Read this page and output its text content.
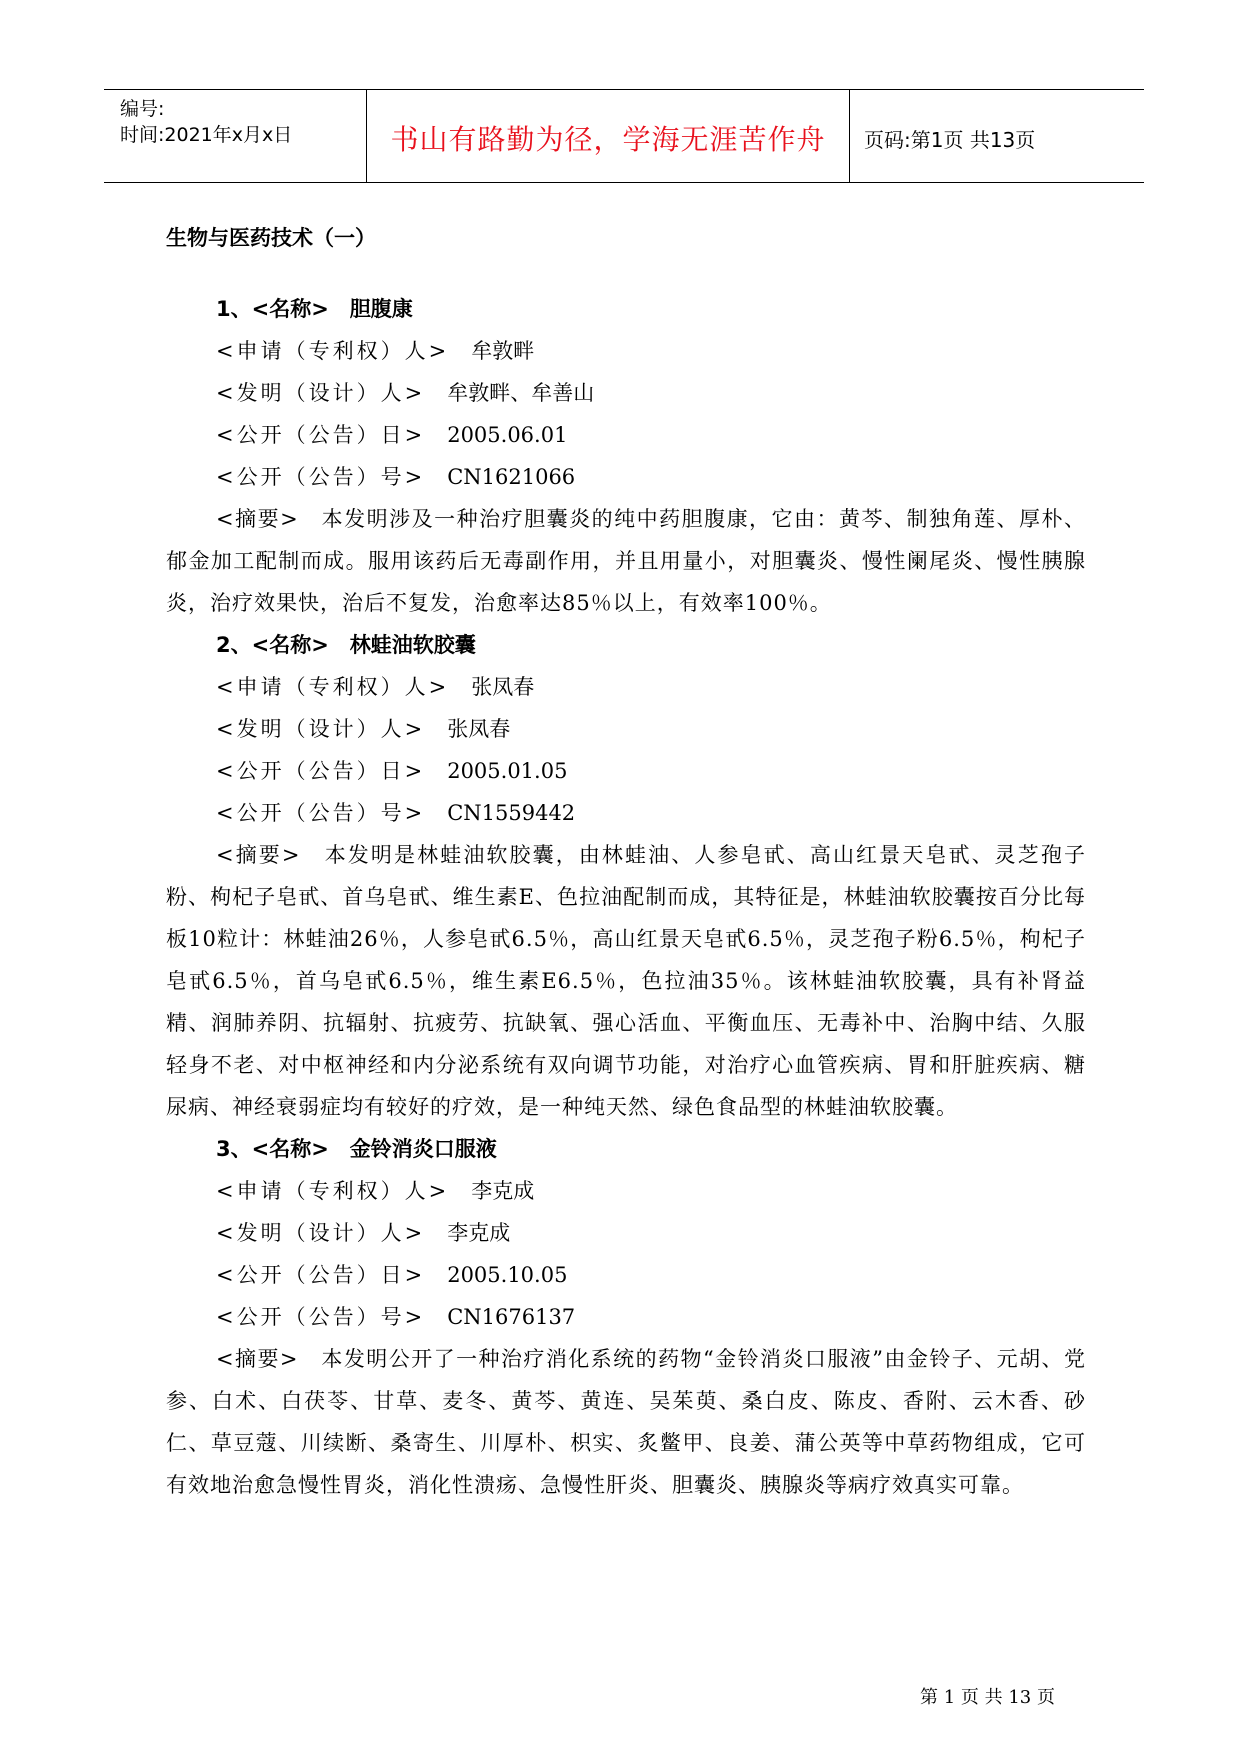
编号:
时间:2021年x月x日	书山有路勤为径，学海无涯苦作舟	页码:第1页 共13页
生物与医药技术（一）
1、<名称>　胆腹康
<申请（专利权）人> 牟敦畔
<发明（设计）人> 牟敦畔、牟善山
<公开（公告）日> 2005.06.01
<公开（公告）号> CN1621066

<摘要>　本发明涉及一种治疗胆囊炎的纯中药胆腹康，它由：黄芩、制独角莲、厚朴、郁金加工配制而成。服用该药后无毒副作用，并且用量小，对胆囊炎、慢性阑尾炎、慢性胰腺炎，治疗效果快，治后不复发，治愈率达85％以上，有效率100％。

2、<名称>　林蛙油软胶囊
<申请（专利权）人> 张凤春
<发明（设计）人> 张凤春
<公开（公告）日> 2005.01.05
<公开（公告）号> CN1559442

<摘要>　本发明是林蛙油软胶囊，由林蛙油、人参皂甙、高山红景天皂甙、灵芝孢子粉、枸杞子皂甙、首乌皂甙、维生素E、色拉油配制而成，其特征是，林蛙油软胶囊按百分比每板10粒计：林蛙油26％，人参皂甙6.5％，高山红景天皂甙6.5％，灵芝孢子粉6.5％，枸杞子皂甙6.5％，首乌皂甙6.5％，维生素E6.5％，色拉油35％。该林蛙油软胶囊，具有补肾益精、润肺养阴、抗辐射、抗疲劳、抗缺氧、强心活血、平衡血压、无毒补中、治胸中结、久服轻身不老、对中枢神经和内分泌系统有双向调节功能，对治疗心血管疾病、胃和肝脏疾病、糖尿病、神经衰弱症均有较好的疗效，是一种纯天然、绿色食品型的林蛙油软胶囊。

3、<名称>　金铃消炎口服液
<申请（专利权）人> 李克成
<发明（设计）人> 李克成
<公开（公告）日> 2005.10.05
<公开（公告）号> CN1676137

<摘要>　本发明公开了一种治疗消化系统的药物“金铃消炎口服液”由金铃子、元胡、党参、白术、白茯苓、甘草、麦冬、黄芩、黄连、吴茱萸、桑白皮、陈皮、香附、云木香、砂仁、草豆蔻、川续断、桑寄生、川厚朴、枳实、炙鳖甲、良姜、蒲公英等中草药物组成，它可有效地治愈急慢性胃炎，消化性溃疡、急慢性肝炎、胆囊炎、胰腺炎等病疗效真实可靠。

第 1 页 共 13 页
